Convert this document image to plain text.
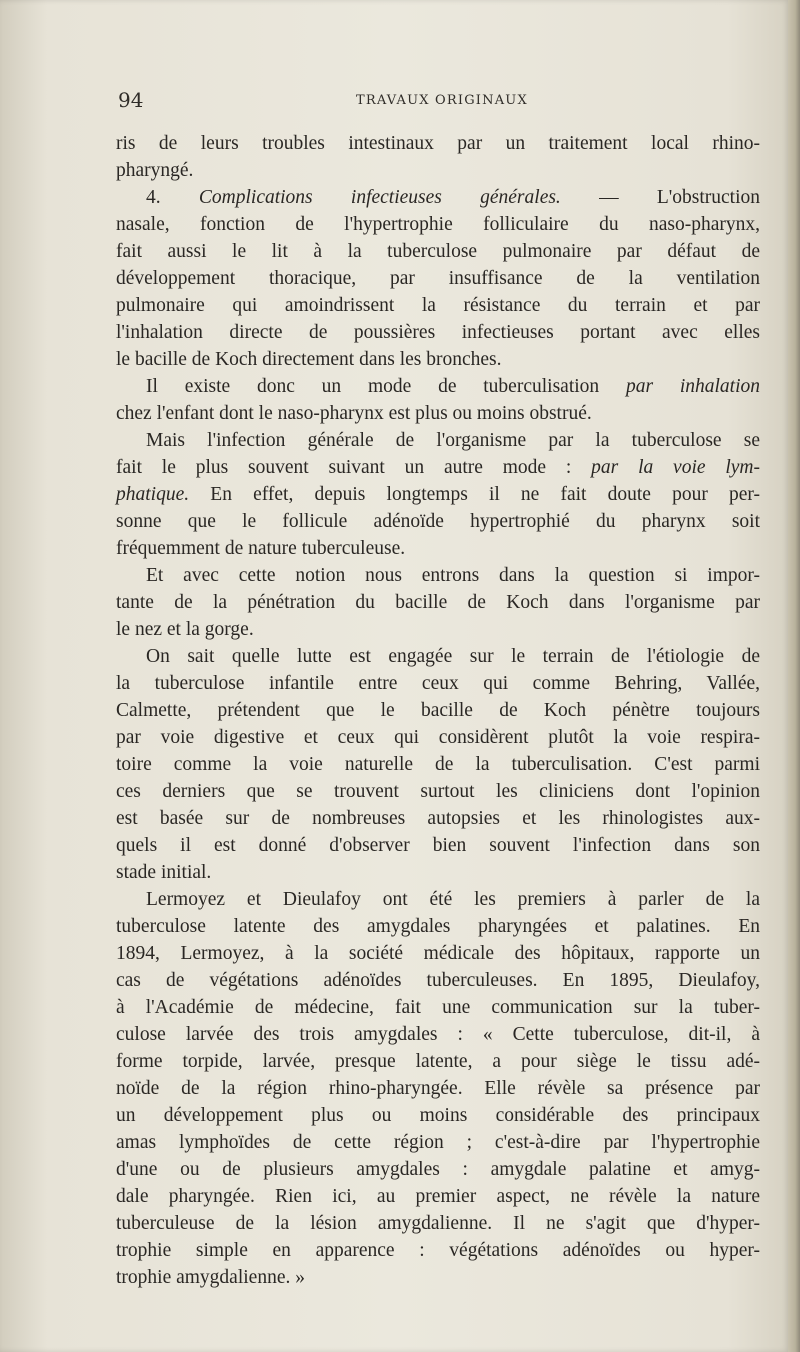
94	TRAVAUX ORIGINAUX
ris de leurs troubles intestinaux par un traitement local rhino-
pharyngé.
4. Complications infectieuses générales. — L'obstruction
nasale, fonction de l'hypertrophie folliculaire du naso-pharynx,
fait aussi le lit à la tuberculose pulmonaire par défaut de
développement thoracique, par insuffisance de la ventilation
pulmonaire qui amoindrissent la résistance du terrain et par
l'inhalation directe de poussières infectieuses portant avec elles
le bacille de Koch directement dans les bronches.
Il existe donc un mode de tuberculisation par inhalation
chez l'enfant dont le naso-pharynx est plus ou moins obstrué.
Mais l'infection générale de l'organisme par la tuberculose se
fait le plus souvent suivant un autre mode : par la voie lym-
phatique. En effet, depuis longtemps il ne fait doute pour per-
sonne que le follicule adénoïde hypertrophié du pharynx soit
fréquemment de nature tuberculeuse.
Et avec cette notion nous entrons dans la question si impor-
tante de la pénétration du bacille de Koch dans l'organisme par
le nez et la gorge.
On sait quelle lutte est engagée sur le terrain de l'étiologie de
la tuberculose infantile entre ceux qui comme Behring, Vallée,
Calmette, prétendent que le bacille de Koch pénètre toujours
par voie digestive et ceux qui considèrent plutôt la voie respira-
toire comme la voie naturelle de la tuberculisation. C'est parmi
ces derniers que se trouvent surtout les cliniciens dont l'opinion
est basée sur de nombreuses autopsies et les rhinologistes aux-
quels il est donné d'observer bien souvent l'infection dans son
stade initial.
Lermoyez et Dieulafoy ont été les premiers à parler de la
tuberculose latente des amygdales pharyngées et palatines. En
1894, Lermoyez, à la société médicale des hôpitaux, rapporte un
cas de végétations adénoïdes tuberculeuses. En 1895, Dieulafoy,
à l'Académie de médecine, fait une communication sur la tuber-
culose larvée des trois amygdales : « Cette tuberculose, dit-il, à
forme torpide, larvée, presque latente, a pour siège le tissu adé-
noïde de la région rhino-pharyngée. Elle révèle sa présence par
un développement plus ou moins considérable des principaux
amas lymphoïdes de cette région ; c'est-à-dire par l'hypertrophie
d'une ou de plusieurs amygdales : amygdale palatine et amyg-
dale pharyngée. Rien ici, au premier aspect, ne révèle la nature
tuberculeuse de la lésion amygdalienne. Il ne s'agit que d'hyper-
trophie simple en apparence : végétations adénoïdes ou hyper-
trophie amygdalienne. »
